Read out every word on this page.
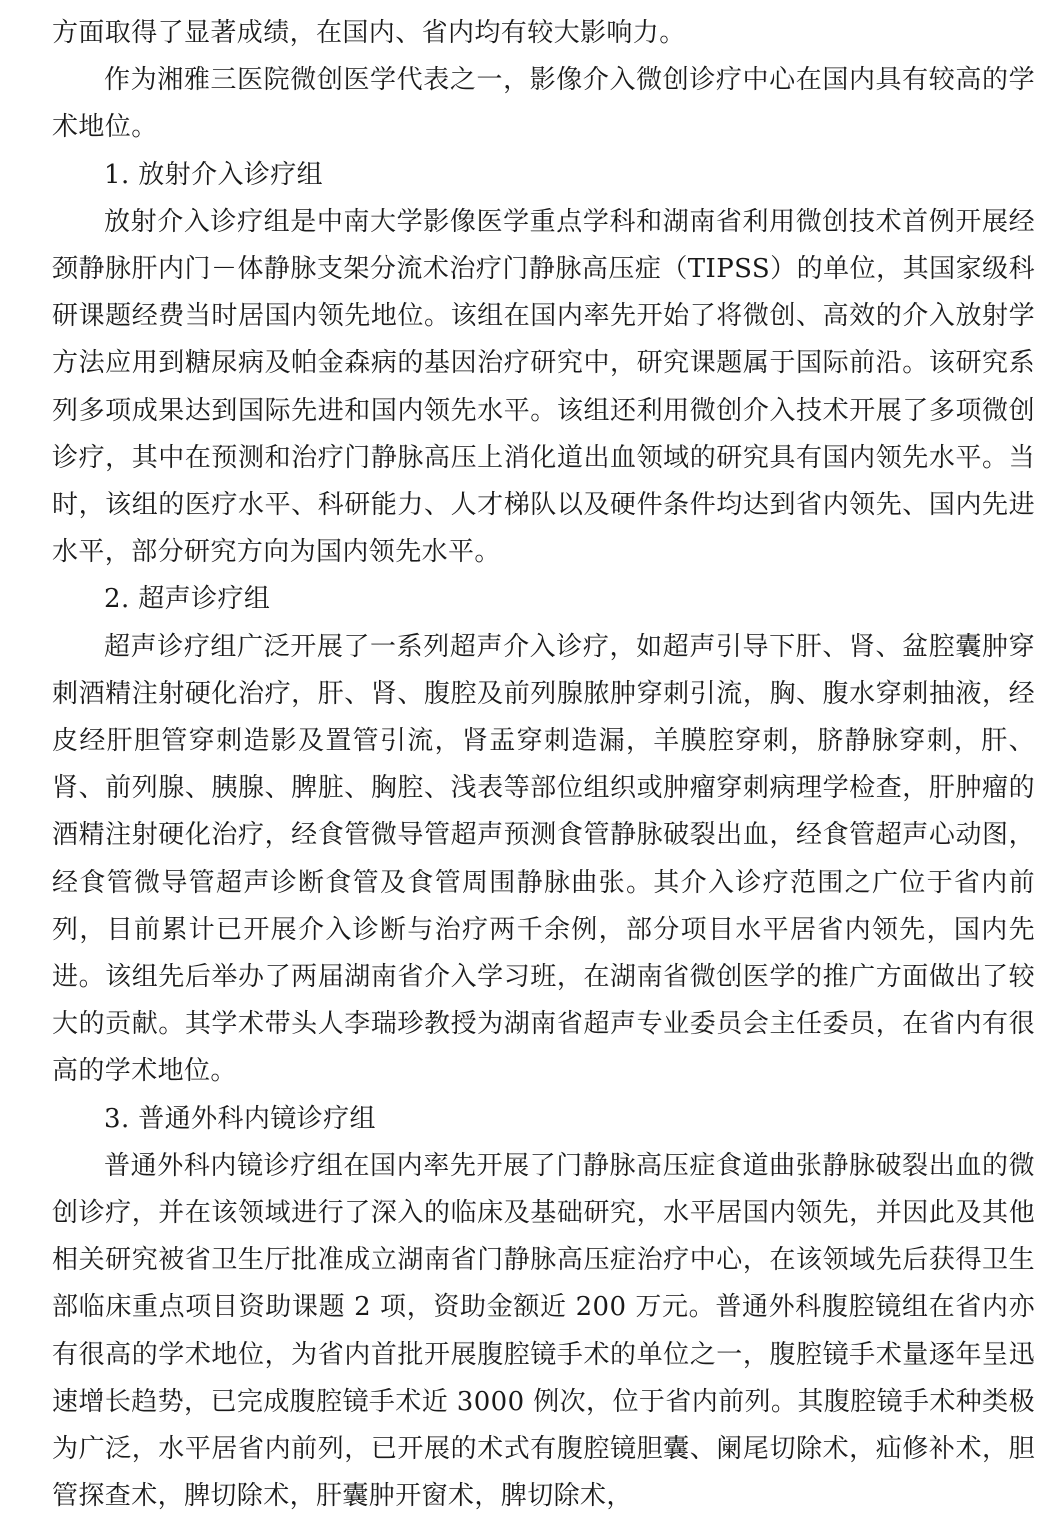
方面取得了显著成绩，在国内、省内均有较大影响力。

作为湘雅三医院微创医学代表之一，影像介入微创诊疗中心在国内具有较高的学术地位。

1. 放射介入诊疗组

放射介入诊疗组是中南大学影像医学重点学科和湖南省利用微创技术首例开展经颈静脉肝内门－体静脉支架分流术治疗门静脉高压症（TIPSS）的单位，其国家级科研课题经费当时居国内领先地位。该组在国内率先开始了将微创、高效的介入放射学方法应用到糖尿病及帕金森病的基因治疗研究中，研究课题属于国际前沿。该研究系列多项成果达到国际先进和国内领先水平。该组还利用微创介入技术开展了多项微创诊疗，其中在预测和治疗门静脉高压上消化道出血领域的研究具有国内领先水平。当时，该组的医疗水平、科研能力、人才梯队以及硬件条件均达到省内领先、国内先进水平，部分研究方向为国内领先水平。

2. 超声诊疗组

超声诊疗组广泛开展了一系列超声介入诊疗，如超声引导下肝、肾、盆腔囊肿穿刺酒精注射硬化治疗，肝、肾、腹腔及前列腺脓肿穿刺引流，胸、腹水穿刺抽液，经皮经肝胆管穿刺造影及置管引流，肾盂穿刺造漏，羊膜腔穿刺，脐静脉穿刺，肝、肾、前列腺、胰腺、脾脏、胸腔、浅表等部位组织或肿瘤穿刺病理学检查，肝肿瘤的酒精注射硬化治疗，经食管微导管超声预测食管静脉破裂出血，经食管超声心动图，经食管微导管超声诊断食管及食管周围静脉曲张。其介入诊疗范围之广位于省内前列，目前累计已开展介入诊断与治疗两千余例，部分项目水平居省内领先，国内先进。该组先后举办了两届湖南省介入学习班，在湖南省微创医学的推广方面做出了较大的贡献。其学术带头人李瑞珍教授为湖南省超声专业委员会主任委员，在省内有很高的学术地位。

3. 普通外科内镜诊疗组

普通外科内镜诊疗组在国内率先开展了门静脉高压症食道曲张静脉破裂出血的微创诊疗，并在该领域进行了深入的临床及基础研究，水平居国内领先，并因此及其他相关研究被省卫生厅批准成立湖南省门静脉高压症治疗中心，在该领域先后获得卫生部临床重点项目资助课题 2 项，资助金额近 200 万元。普通外科腹腔镜组在省内亦有很高的学术地位，为省内首批开展腹腔镜手术的单位之一，腹腔镜手术量逐年呈迅速增长趋势，已完成腹腔镜手术近 3000 例次，位于省内前列。其腹腔镜手术种类极为广泛，水平居省内前列，已开展的术式有腹腔镜胆囊、阑尾切除术，疝修补术，胆管探查术，脾切除术，肝囊肿开窗术，脾切除术，
